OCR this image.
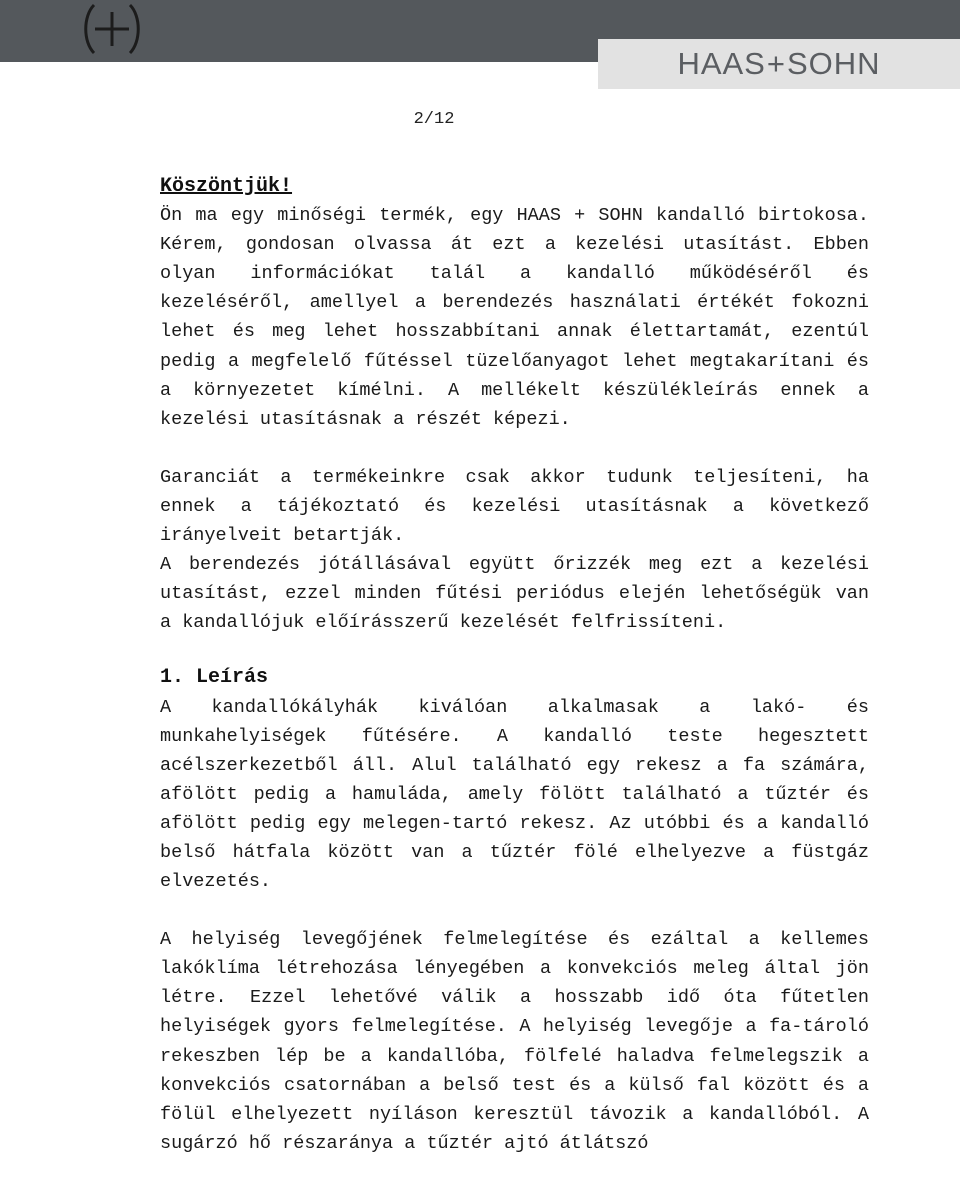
HAAS + SOHN
2/12

Köszöntjük!

Ön ma egy minőségi termék, egy HAAS + SOHN kandalló birtokosa. Kérem, gondosan olvassa át ezt a kezelési utasítást. Ebben olyan információkat talál a kandalló működéséről és kezeléséről, amellyel a berendezés használati értékét fokozni lehet és meg lehet hosszabbítani annak élettartamát, ezentúl pedig a megfelelő fűtéssel tüzelőanyagot lehet megtakarítani és a környezetet kímélni. A mellékelt készülékleírás ennek a kezelési utasításnak a részét képezi.

Garanciát a termékeinkre csak akkor tudunk teljesíteni, ha ennek a tájékoztató és kezelési utasításnak a következő irányelveit betartják.

A berendezés jótállásával együtt őrizzék meg ezt a kezelési utasítást, ezzel minden fűtési periódus elején lehetőségük van a kandallójuk előírásszerű kezelését felfrissíteni.

1. Leírás

A kandallókályhák kiválóan alkalmasak a lakó- és munkahelyiségek fűtésére. A kandalló teste hegesztett acélszerkezetből áll. Alul található egy rekesz a fa számára, afölött pedig a hamuláda, amely fölött található a tűztér és afölött pedig egy melegen-tartó rekesz. Az utóbbi és a kandalló belső hátfala között van a tűztér fölé elhelyezve a füstgáz elvezetés.

A helyiség levegőjének felmelegítése és ezáltal a kellemes lakóklíma létrehozása lényegében a konvekciós meleg által jön létre. Ezzel lehetővé válik a hosszabb idő óta fűtetlen helyiségek gyors felmelegítése. A helyiség levegője a fa-tároló rekeszben lép be a kandallóba, fölfelé haladva felmelegszik a konvekciós csatornában a belső test és a külső fal között és a fölül elhelyezett nyíláson keresztül távozik a kandallóból. A sugárzó hő részaránya a tűztér ajtó átlátszó
